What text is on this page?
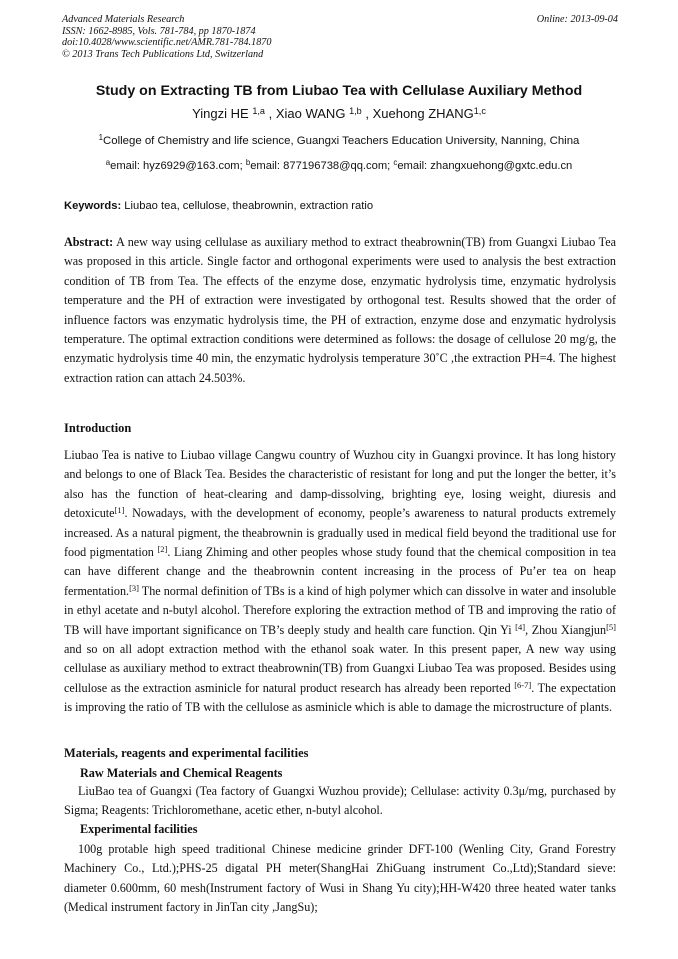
Advanced Materials Research
ISSN: 1662-8985, Vols. 781-784, pp 1870-1874
doi:10.4028/www.scientific.net/AMR.781-784.1870
© 2013 Trans Tech Publications Ltd, Switzerland
Online: 2013-09-04
Study on Extracting TB from Liubao Tea with Cellulase Auxiliary Method
Yingzi HE $^{1,a}$ , Xiao WANG $^{1,b}$ , Xuehong ZHANG$^{1,c}$
$^1$College of Chemistry and life science, Guangxi Teachers Education University, Nanning, China
$^a$email: hyz6929@163.com; $^b$email: 877196738@qq.com; $^c$email: zhangxuehong@gxtc.edu.cn
Keywords: Liubao tea, cellulose, theabrownin, extraction ratio

Abstract: A new way using cellulase as auxiliary method to extract theabrownin(TB) from Guangxi Liubao Tea was proposed in this article. Single factor and orthogonal experiments were used to analysis the best extraction condition of TB from Tea. The effects of the enzyme dose, enzymatic hydrolysis time, enzymatic hydrolysis temperature and the PH of extraction were investigated by orthogonal test. Results showed that the order of influence factors was enzymatic hydrolysis time, the PH of extraction, enzyme dose and enzymatic hydrolysis temperature. The optimal extraction conditions were determined as follows: the dosage of cellulose 20 mg/g, the enzymatic hydrolysis time 40 min, the enzymatic hydrolysis temperature 30˚C ,the extraction PH=4. The highest extraction ration can attach 24.503%.

Introduction

Liubao Tea is native to Liubao village Cangwu country of Wuzhou city in Guangxi province. It has long history and belongs to one of Black Tea. Besides the characteristic of resistant for long and put the longer the better, it’s also has the function of heat-clearing and damp-dissolving, brighting eye, losing weight, diuresis and detoxicute[1]. Nowadays, with the development of economy, people’s awareness to natural products extremely increased. As a natural pigment, the theabrownin is gradually used in medical field beyond the traditional use for food pigmentation [2]. Liang Zhiming and other peoples whose study found that the chemical composition in tea can have different change and the theabrownin content increasing in the process of Pu’er tea on heap fermentation.[3] The normal definition of TBs is a kind of high polymer which can dissolve in water and insoluble in ethyl acetate and n-butyl alcohol. Therefore exploring the extraction method of TB and improving the ratio of TB will have important significance on TB’s deeply study and health care function. Qin Yi [4], Zhou Xiangjun[5] and so on all adopt extraction method with the ethanol soak water. In this present paper, A new way using cellulase as auxiliary method to extract theabrownin(TB) from Guangxi Liubao Tea was proposed. Besides using cellulose as the extraction asminicle for natural product research has already been reported [6-7]. The expectation is improving the ratio of TB with the cellulose as asminicle which is able to damage the microstructure of plants.

Materials, reagents and experimental facilities
Raw Materials and Chemical Reagents

LiuBao tea of Guangxi (Tea factory of Guangxi Wuzhou provide); Cellulase: activity 0.3μ/mg, purchased by Sigma; Reagents: Trichloromethane, acetic ether, n-butyl alcohol.

Experimental facilities

100g protable high speed traditional Chinese medicine grinder DFT-100 (Wenling City, Grand Forestry Machinery Co., Ltd.);PHS-25 digatal PH meter(ShangHai ZhiGuang instrument Co.,Ltd);Standard sieve: diameter 0.600mm, 60 mesh(Instrument factory of Wusi in Shang Yu city);HH-W420 three heated water tanks (Medical instrument factory in JinTan city ,JangSu);
